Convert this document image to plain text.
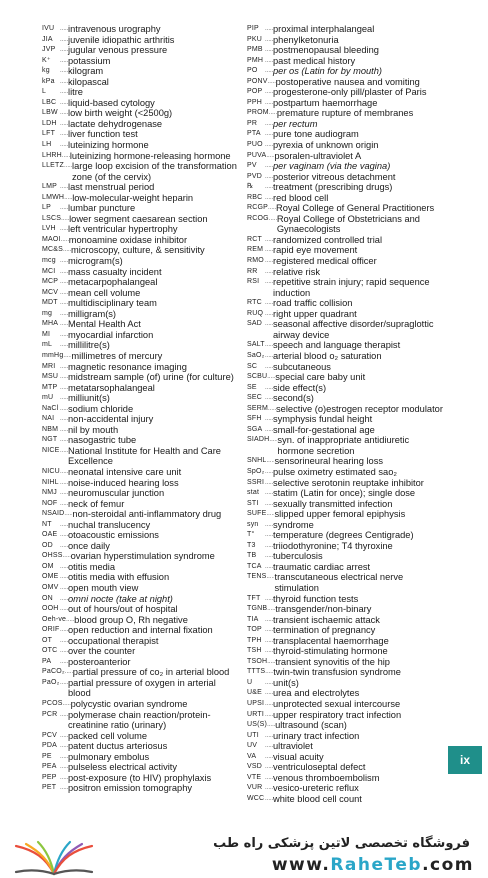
IVU .....	intravenous urography
JIA .....	juvenile idiopathic arthritis
JVP .....	jugular venous pressure
K⁺ .....	potassium
kg .....	kilogram
kPa .....	kilopascal
L .....	litre
LBC .....	liquid-based cytology
LBW ..... low birth weight (<2500g)
LDH .....	lactate dehydrogenase
LFT .....	liver function test
LH .....	luteinizing hormone
LHRH ..... luteinizing hormone-releasing hormone
LLETZ ..... large loop excision of the transformation zone (of the cervix)
LMP .....	last menstrual period
LMWH ..... low-molecular-weight heparin
LP .....	lumbar puncture
LSCS ..... lower segment caesarean section
LVH .....	left ventricular hypertrophy
MAOI ..... monoamine oxidase inhibitor
MC&S ..... microscopy, culture, & sensitivity
mcg .....	microgram(s)
MCI .....	mass casualty incident
MCP ..... metacarpophalangeal
MCV ..... mean cell volume
MDT ..... multidisciplinary team
mg .....	milligram(s)
MHA ..... Mental Health Act
MI .....	myocardial infarction
mL .....	millilitre(s)
mmHg ..... millimetres of mercury
MRI .....	magnetic resonance imaging
MSU ..... midstream sample (of) urine (for culture)
MTP ..... metatarsophalangeal
mU .....	milliunit(s)
NaCl ..... sodium chloride
NAI .....	non-accidental injury
NBM ..... nil by mouth
NGT ..... nasogastric tube
NICE ..... National Institute for Health and Care Excellence
NICU ..... neonatal intensive care unit
NIHL ..... noise-induced hearing loss
NMJ .....	neuromuscular junction
NOF ..... neck of femur
NSAID ..... non-steroidal anti-inflammatory drug
NT .....	nuchal translucency
OAE ..... otoacoustic emissions
OD .....	once daily
OHSS ..... ovarian hyperstimulation syndrome
OM .....	otitis media
OME ..... otitis media with effusion
OMV ..... open mouth view
ON .....	omni nocte (take at night)
OOH ..... out of hours/out of hospital
Oeh-ve ..... blood group O, Rh negative
ORIF ..... open reduction and internal fixation
OT .....	occupational therapist
OTC ..... over the counter
PA .....	posteroanterior
PaCO₂ ..... partial pressure of co₂ in arterial blood
PaO₂ ..... partial pressure of oxygen in arterial blood
PCOS ..... polycystic ovarian syndrome
PCR ..... polymerase chain reaction/protein-creatinine ratio (urinary)
PCV .....	packed cell volume
PDA .....	patent ductus arteriosus
PE .....	pulmonary embolus
PEA .....	pulseless electrical activity
PEP .....	post-exposure (to HIV) prophylaxis
PET .....	positron emission tomography
PIP .....	proximal interphalangeal
PKU .....	phenylketonuria
PMB ..... postmenopausal bleeding
PMH ..... past medical history
PO .....	per os (Latin for by mouth)
PONV ..... postoperative nausea and vomiting
POP ..... progesterone-only pill/plaster of Paris
PPH .....	postpartum haemorrhage
PROM ..... premature rupture of membranes
PR .....	per rectum
PTA .....	pure tone audiogram
PUO ..... pyrexia of unknown origin
PUVA ..... psoralen-ultraviolet A
PV .....	per vaginam (via the vagina)
PVD .....	posterior vitreous detachment
℞ .....	treatment (prescribing drugs)
RBC ..... red blood cell
RCGP ..... Royal College of General Practitioners
RCOG ..... Royal College of Obstetricians and Gynaecologists
RCT .....	randomized controlled trial
REM ..... rapid eye movement
RMO ..... registered medical officer
RR .....	relative risk
RSI .....	repetitive strain injury; rapid sequence induction
RTC .....	road traffic collision
RUQ ..... right upper quadrant
SAD .....	seasonal affective disorder/supraglottic airway device
SALT ..... speech and language therapist
SaO₂ ..... arterial blood o₂ saturation
SC .....	subcutaneous
SCBU ..... special care baby unit
SE .....	side effect(s)
SEC .....	second(s)
SERM ..... selective (o)estrogen receptor modulator
SFH .....	symphysis fundal height
SGA ..... small-for-gestational age
SIADH ..... syn. of inappropriate antidiuretic hormone secretion
SNHL ..... sensorineural hearing loss
SpO₂ ..... pulse oximetry estimated sao₂
SSRI ..... selective serotonin reuptake inhibitor
stat .....	statim (Latin for once); single dose
STI .....	sexually transmitted infection
SUFE ..... slipped upper femoral epiphysis
syn .....	syndrome
T° .....	temperature (degrees Centigrade)
T3 .....	triiodothyronine; T4 thyroxine
TB .....	tuberculosis
TCA .....	traumatic cardiac arrest
TENS ..... transcutaneous electrical nerve stimulation
TFT .....	thyroid function tests
TGNB ..... transgender/non-binary
TIA .....	transient ischaemic attack
TOP .....	termination of pregnancy
TPH .....	transplacental haemorrhage
TSH .....	thyroid-stimulating hormone
TSOH ..... transient synovitis of the hip
TTTS ..... twin-twin transfusion syndrome
U .....	unit(s)
U&E .....	urea and electrolytes
UPSI ..... unprotected sexual intercourse
URTI ..... upper respiratory tract infection
US(S) ..... ultrasound (scan)
UTI .....	urinary tract infection
UV .....	ultraviolet
VA .....	visual acuity
VSD .....	ventriculoseptal defect
VTE .....	venous thromboembolism
VUR ..... vesico-ureteric reflux
WCC ..... white blood cell count
ix
فروشگاه تخصصی لاتین پزشکی راه طب
www.RaheTeb.com
